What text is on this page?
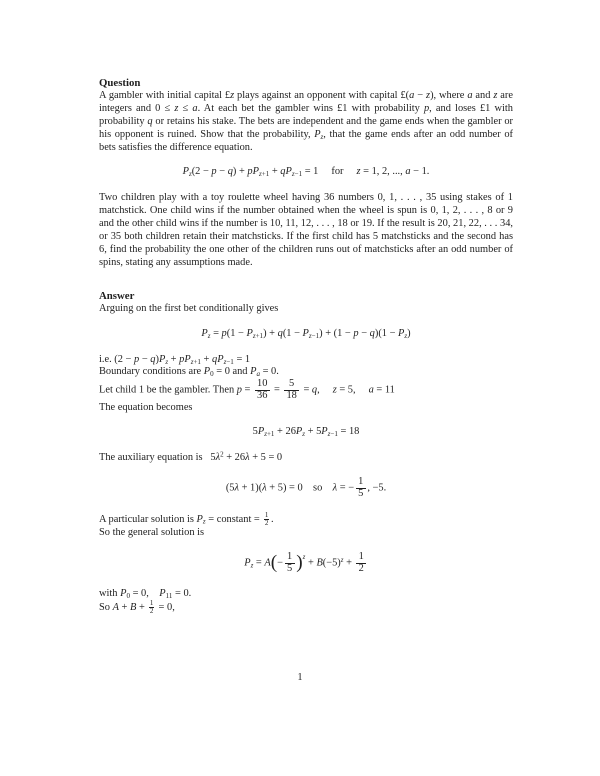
Question
A gambler with initial capital £z plays against an opponent with capital £(a − z), where a and z are integers and 0 ≤ z ≤ a. At each bet the gambler wins £1 with probability p, and loses £1 with probability q or retains his stake. The bets are independent and the game ends when the gambler or his opponent is ruined. Show that the probability, $P_z$, that the game ends after an odd number of bets satisfies the difference equation.
$P_z(2 - p - q) + pP_{z+1} + qP_{z-1} = 1$  for  z = 1, 2, ..., a − 1.
Two children play with a toy roulette wheel having 36 numbers 0, 1, . . . , 35 using stakes of 1 matchstick. One child wins if the number obtained when the wheel is spun is 0, 1, 2, . . . , 8 or 9 and the other child wins if the number is 10, 11, 12, . . . , 18 or 19. If the result is 20, 21, 22, . . . 34, or 35 both children retain their matchsticks. If the first child has 5 matchsticks and the second has 6, find the probability the one other of the children runs out of matchsticks after an odd number of spins, stating any assumptions made.
Answer
Arguing on the first bet conditionally gives
$P_z = p(1 - P_{z+1}) + q(1 - P_{z-1}) + (1 - p - q)(1 - P_z)$
i.e. $(2 - p - q)P_z + pP_{z+1} + qP_{z-1} = 1$
Boundary conditions are $P_0 = 0$ and $P_a = 0$.
Let child 1 be the gambler. Then $p = \frac{10}{36} = \frac{5}{18} = q$,  z = 5,  a = 11
The equation becomes
$5P_{z+1} + 26P_z + 5P_{z-1} = 18$
The auxiliary equation is  $5\lambda^2 + 26\lambda + 5 = 0$
(5λ + 1)(λ + 5) = 0 so λ = − $\frac{1}{5}$ , −5.
A particular solution is $P_z$ = constant = $\frac{1}{2}$ .
So the general solution is
$P_z = A(- \frac{1}{5} )^z + B(-5)^z + \frac{1}{2}$
with $P_0 = 0$, $P_{11} = 0$.
So $A + B + \frac{1}{2} = 0$,
1
